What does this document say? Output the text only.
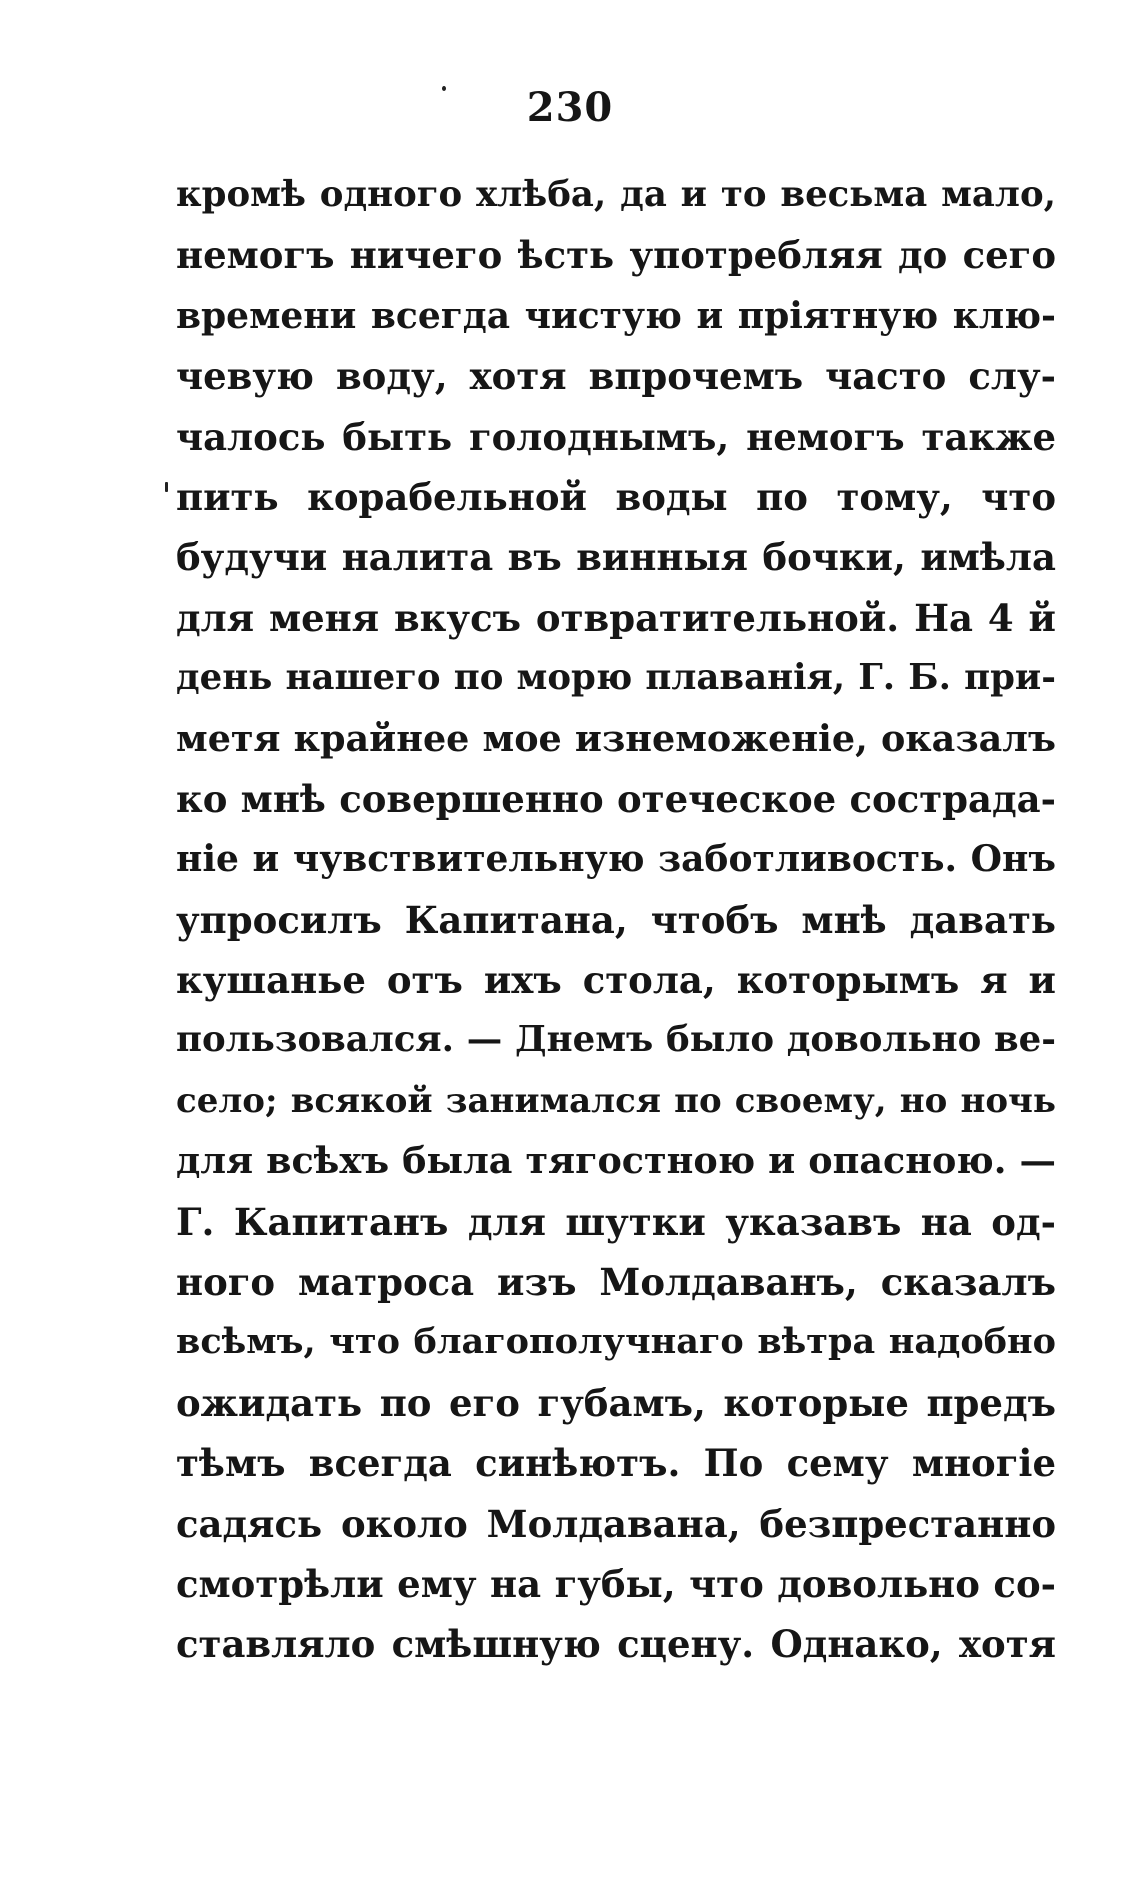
230
кромѣ одного хлѣба, да и то весьма мало,
немогъ ничего ѣсть употребляя до сего
времени всегда чистую и пріятную клю-
чевую воду, хотя впрочемъ часто слу-
чалось быть голоднымъ, немогъ также
пить корабельной воды по тому, что
будучи налита въ винныя бочки, имѣла
для меня вкусъ отвратительной. На 4 й
день нашего по морю плаванія, Г. Б. при-
метя крайнее мое изнеможеніе, оказалъ
ко мнѣ совершенно отеческое сострада-
ніе и чувствительную заботливость. Онъ
упросилъ Капитана, чтобъ мнѣ давать
кушанье отъ ихъ стола, которымъ я и
пользовался. — Днемъ было довольно ве-
село; всякой занимался по своему, но ночь
для всѣхъ была тягостною и опасною. —
Г. Капитанъ для шутки указавъ на од-
ного матроса изъ Молдаванъ, сказалъ
всѣмъ, что благополучнаго вѣтра надобно
ожидать по его губамъ, которые предъ
тѣмъ всегда синѣютъ. По сему многіе
садясь около Молдавана, безпрестанно
смотрѣли ему на губы, что довольно со-
ставляло смѣшную сцену. Однако, хотя
